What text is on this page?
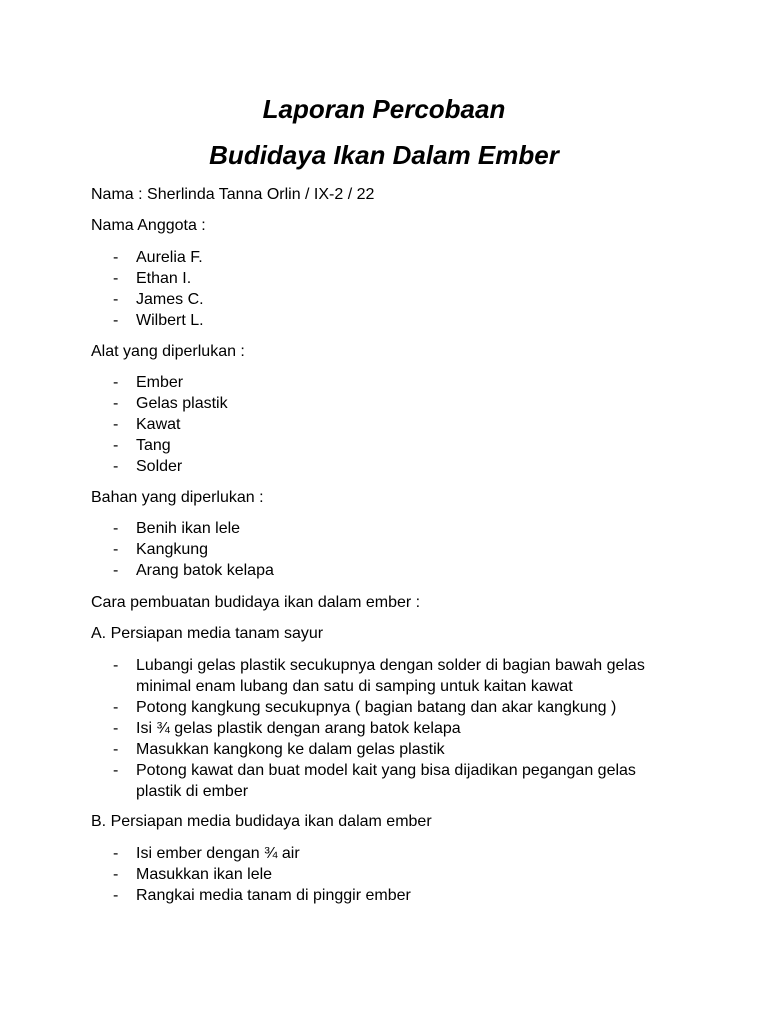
Laporan Percobaan
Budidaya Ikan Dalam Ember
Nama : Sherlinda Tanna Orlin / IX-2 / 22
Nama Anggota :
- Aurelia F.
- Ethan I.
- James C.
- Wilbert L.
Alat yang diperlukan :
- Ember
- Gelas plastik
- Kawat
- Tang
- Solder
Bahan yang diperlukan :
- Benih ikan lele
- Kangkung
- Arang batok kelapa
Cara pembuatan budidaya ikan dalam ember :
A. Persiapan media tanam sayur
- Lubangi gelas plastik secukupnya dengan solder di bagian bawah gelas minimal enam lubang dan satu di samping untuk kaitan kawat
- Potong kangkung secukupnya ( bagian batang dan akar kangkung )
- Isi ¾ gelas plastik dengan arang batok kelapa
- Masukkan kangkong ke dalam gelas plastik
- Potong kawat dan buat model kait yang bisa dijadikan pegangan gelas plastik di ember
B. Persiapan media budidaya ikan dalam ember
- Isi ember dengan ¾ air
- Masukkan ikan lele
- Rangkai media tanam di pinggir ember
